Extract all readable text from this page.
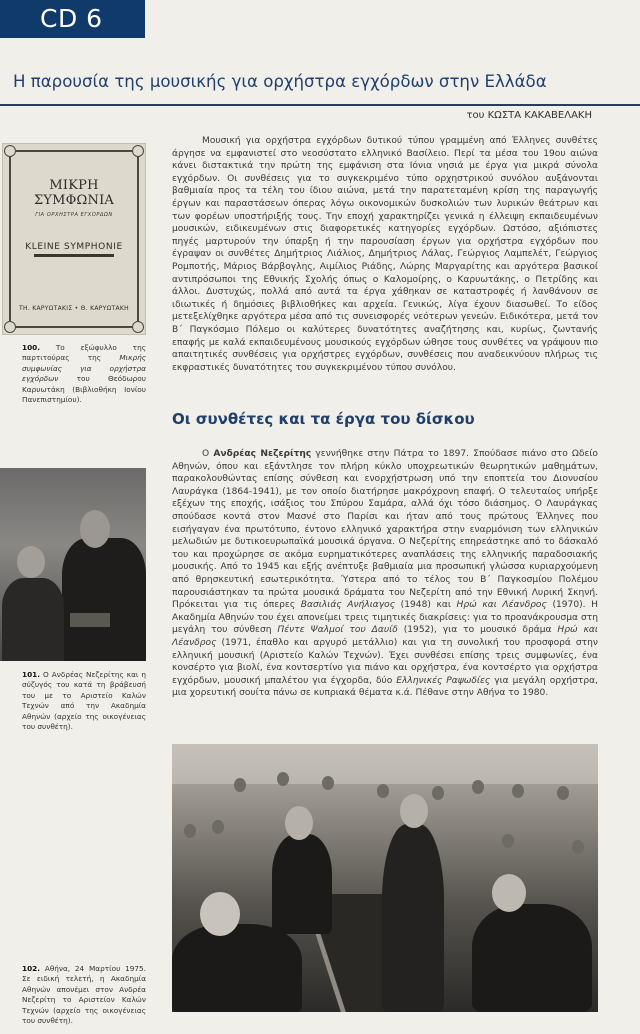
CD 6
Η παρουσία της μουσικής για ορχήστρα εγχόρδων στην Ελλάδα
του ΚΩΣΤΑ ΚΑΚΑΒΕΛΑΚΗ
ΜΙΚΡΗ ΣΥΜΦΩΝΙΑ
ΓΙΑ ΟΡΧΗΣΤΡΑ ΕΓΧΟΡΔΩΝ
KLEINE SYMPHONIE
ΤΗ. ΚΑΡΥΩΤΑΚΙΣ • Θ. ΚΑΡΥΩΤΑΚΗ
100. Το εξώφυλλο της παρτιτούρας της Μικρής συμφωνίας για ορχήστρα εγχόρδων του Θεόδωρου Καρυωτάκη (Βιβλιοθήκη Ιονίου Πανεπιστημίου).

Μουσική για ορχήστρα εγχόρδων δυτικού τύπου γραμμένη από Έλληνες συνθέτες άργησε να εμφανιστεί στο νεοσύστατο ελληνικό Βασίλειο. Περί τα μέσα του 19ου αιώνα κάνει διστακτικά την πρώτη της εμφάνιση στα Ιόνια νησιά με έργα για μικρά σύνολα εγχόρδων. Οι συνθέσεις για το συγκεκριμένο τύπο ορχηστρικού συνόλου αυξάνονται βαθμιαία προς τα τέλη του ίδιου αιώνα, μετά την παρατεταμένη κρίση της παραγωγής έργων και παραστάσεων όπερας λόγω οικονομικών δυσκολιών των λυρικών θεάτρων και των φορέων υποστήριξής τους. Την εποχή χαρακτηρίζει γενικά η έλλειψη εκπαιδευμένων μουσικών, ειδικευμένων στις διαφορετικές κατηγορίες εγχόρδων. Ωστόσο, αξιόπιστες πηγές μαρτυρούν την ύπαρξη ή την παρουσίαση έργων για ορχήστρα εγχόρδων που έγραψαν οι συνθέτες Δημήτριος Λιάλιος, Δημήτριος Λάλας, Γεώργιος Λαμπελέτ, Γεώργιος Ρομποτής, Μάριος Βάρβογλης, Αιμίλιος Ριάδης, Λώρης Μαργαρίτης και αργότερα βασικοί αντιπρόσωποι της Εθνικής Σχολής όπως ο Καλομοίρης, ο Καρυωτάκης, ο Πετρίδης και άλλοι. Δυστυχώς, πολλά από αυτά τα έργα χάθηκαν σε καταστροφές ή λανθάνουν σε ιδιωτικές ή δημόσιες βιβλιοθήκες και αρχεία. Γενικώς, λίγα έχουν διασωθεί. Το είδος μετεξελίχθηκε αργότερα μέσα από τις συνεισφορές νεότερων γενεών. Ειδικότερα, μετά τον Β΄ Παγκόσμιο Πόλεμο οι καλύτερες δυνατότητες αναζήτησης και, κυρίως, ζωντανής επαφής με καλά εκπαιδευμένους μουσικούς εγχόρδων ώθησε τους συνθέτες να γράψουν πιο απαιτητικές συνθέσεις για ορχήστρες εγχόρδων, συνθέσεις που αναδεικνύουν πλήρως τις εκφραστικές δυνατότητες του συγκεκριμένου τύπου συνόλου.

Οι συνθέτες και τα έργα του δίσκου

Ο Ανδρέας Νεζερίτης γεννήθηκε στην Πάτρα το 1897. Σπούδασε πιάνο στο Ωδείο Αθηνών, όπου και εξάντλησε τον πλήρη κύκλο υποχρεωτικών θεωρητικών μαθημάτων, παρακολουθώντας επίσης σύνθεση και ενορχήστρωση υπό την εποπτεία του Διονυσίου Λαυράγκα (1864-1941), με τον οποίο διατήρησε μακρόχρονη επαφή. Ο τελευταίος υπήρξε εξέχων της εποχής, ισάξιος του Σπύρου Σαμάρα, αλλά όχι τόσο διάσημος. Ο Λαυράγκας σπούδασε κοντά στον Μασνέ στο Παρίσι και ήταν από τους πρώτους Έλληνες που εισήγαγαν ένα πρωτότυπο, έντονο ελληνικό χαρακτήρα στην εναρμόνιση των ελληνικών μελωδιών με δυτικοευρωπαϊκά μουσικά όργανα. Ο Νεζερίτης επηρεάστηκε από το δάσκαλό του και προχώρησε σε ακόμα ευρηματικότερες αναπλάσεις της ελληνικής παραδοσιακής μουσικής. Από το 1945 και εξής ανέπτυξε βαθμιαία μια προσωπική γλώσσα κυριαρχούμενη από θρησκευτική εσωτερικότητα. Ύστερα από το τέλος του Β΄ Παγκοσμίου Πολέμου παρουσιάστηκαν τα πρώτα μουσικά δράματα του Νεζερίτη από την Εθνική Λυρική Σκηνή. Πρόκειται για τις όπερες Βασιλιάς Ανήλιαγος (1948) και Ηρώ και Λέανδρος (1970). Η Ακαδημία Αθηνών του έχει απονείμει τρεις τιμητικές διακρίσεις: για το προανάκρουσμα στη μεγάλη του σύνθεση Πέντε Ψαλμοί του Δαυίδ (1952), για το μουσικό δράμα Ηρώ και Λέανδρος (1971, έπαθλο και αργυρό μετάλλιο) και για τη συνολική του προσφορά στην ελληνική μουσική (Αριστείο Καλών Τεχνών). Έχει συνθέσει επίσης τρεις συμφωνίες, ένα κονσέρτο για βιολί, ένα κοντσερτίνο για πιάνο και ορχήστρα, ένα κοντσέρτο για ορχήστρα εγχόρδων, μουσική μπαλέτου για έγχορδα, δύο Ελληνικές Ραψωδίες για μεγάλη ορχήστρα, μια χορευτική σουίτα πάνω σε κυπριακά θέματα κ.ά. Πέθανε στην Αθήνα το 1980.

101. Ο Ανδρέας Νεζερίτης και η σύζυγός του κατά τη βράβευσή του με το Αριστείο Καλών Τεχνών από την Ακαδημία Αθηνών (αρχείο της οικογένειας του συνθέτη).
102. Αθήνα, 24 Μαρτίου 1975. Σε ειδική τελετή, η Ακαδημία Αθηνών απονέμει στον Ανδρέα Νεζερίτη το Αριστείον Καλών Τεχνών (αρχείο της οικογένειας του συνθέτη).
